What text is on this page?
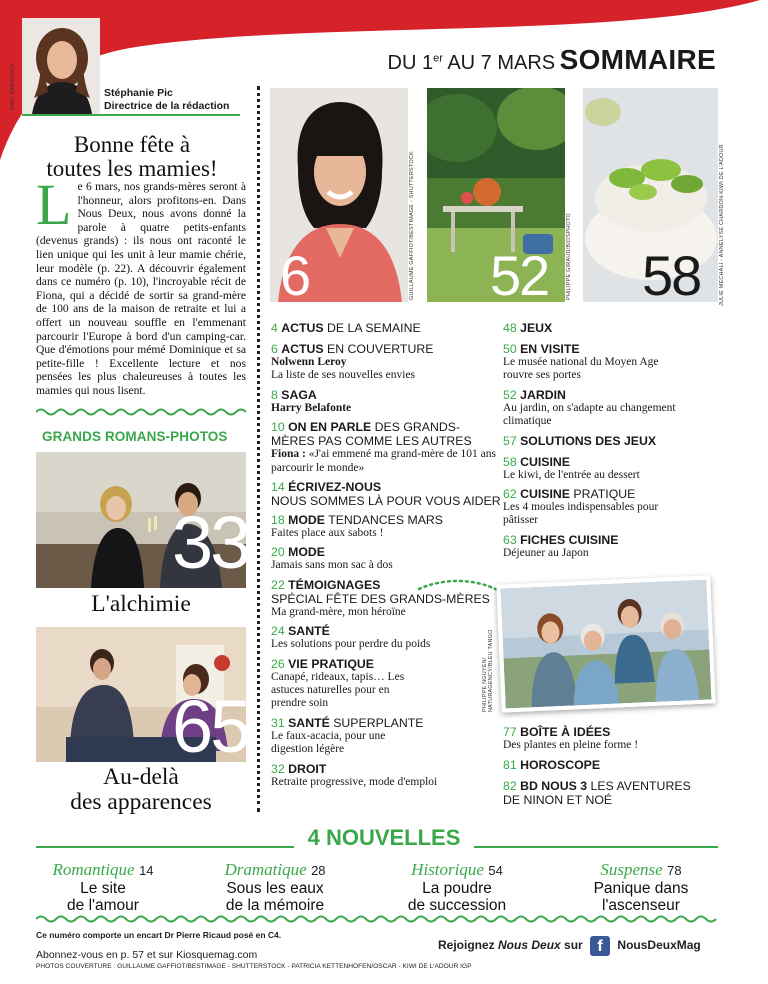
ERIC BARATOUX	Stéphanie Pic
Directrice de la rédaction
Bonne fête à
toutes les mamies!
Le 6 mars, nos grands-mères seront à l'honneur, alors profitons-en. Dans Nous Deux, nous avons donné la parole à quatre petits-enfants (devenus grands) : ils nous ont raconté le lien unique qui les unit à leur mamie chérie, leur modèle (p. 22). A découvrir également dans ce numéro (p. 10), l'incroyable récit de Fiona, qui a décidé de sortir sa grand-mère de 100 ans de la maison de retraite et lui a offert un nouveau souffle en l'emmenant parcourir l'Europe à bord d'un camping-car. Que d'émotions pour mémé Dominique et sa petite-fille ! Excellente lecture et nos pensées les plus chaleureuses à toutes les mamies qui nous lisent.
GRANDS ROMANS-PHOTOS
33
L'alchimie
65
Au-delà
des apparences
DU 1er AU 7 MARS SOMMAIRE
6	GUILLAUME GAFFIOT/BESTIMAGE - SHUTTERSTOCK 52	PHILIPPE GIRAUD/BIOSPHOTO 58	JULIE MECHALI - ANNELYSE CHARDON-KIWI DE L'ADOUR
4 ACTUS DE LA SEMAINE
6 ACTUS EN COUVERTURE
Nolwenn Leroy
La liste de ses nouvelles envies
8 SAGA
Harry Belafonte
10 ON EN PARLE DES GRANDS-
MÈRES PAS COMME LES AUTRES
Fiona : «J'ai emmené ma grand-mère de 101 ans parcourir le monde»
14 ÉCRIVEZ-NOUS
NOUS SOMMES LÀ POUR VOUS AIDER
18 MODE TENDANCES MARS
Faites place aux sabots !
20 MODE
Jamais sans mon sac à dos
22 TÉMOIGNAGES
SPÉCIAL FÊTE DES GRANDS-MÈRES
Ma grand-mère, mon héroïne
24 SANTÉ
Les solutions pour perdre du poids
26 VIE PRATIQUE
Canapé, rideaux, tapis… Les astuces naturelles pour en prendre soin
31 SANTÉ SUPERPLANTE
Le faux-acacia, pour une digestion légère
32 DROIT
Retraite progressive, mode d'emploi
48 JEUX
50 EN VISITE
Le musée national du Moyen Age rouvre ses portes
52 JARDIN
Au jardin, on s'adapte au changement climatique
57 SOLUTIONS DES JEUX
58 CUISINE
Le kiwi, de l'entrée au dessert
62 CUISINE PRATIQUE
Les 4 moules indispensables pour pâtisser
63 FICHES CUISINE
Déjeuner au Japon
PHILIPPE NGUYEN/ NATURAGENCY/BLEU TANGO
77 BOÎTE À IDÉES
Des plantes en pleine forme !
81 HOROSCOPE
82 BD NOUS 3 LES AVENTURES
DE NINON ET NOÉ
4 NOUVELLES
Romantique 14
Le site
de l'amour
Dramatique 28
Sous les eaux
de la mémoire
Historique 54
La poudre
de succession
Suspense 78
Panique dans
l'ascenseur
Ce numéro comporte un encart Dr Pierre Ricaud posé en C4.
Abonnez-vous en p. 57 et sur Kiosquemag.com
PHOTOS COUVERTURE : GUILLAUME GAFFIOT/BESTIMAGE - SHUTTERSTOCK - PATRICIA KETTENHOFEN/OSCAR - KIWI DE L'ADOUR IGP
Rejoignez Nous Deux sur f NousDeuxMag
